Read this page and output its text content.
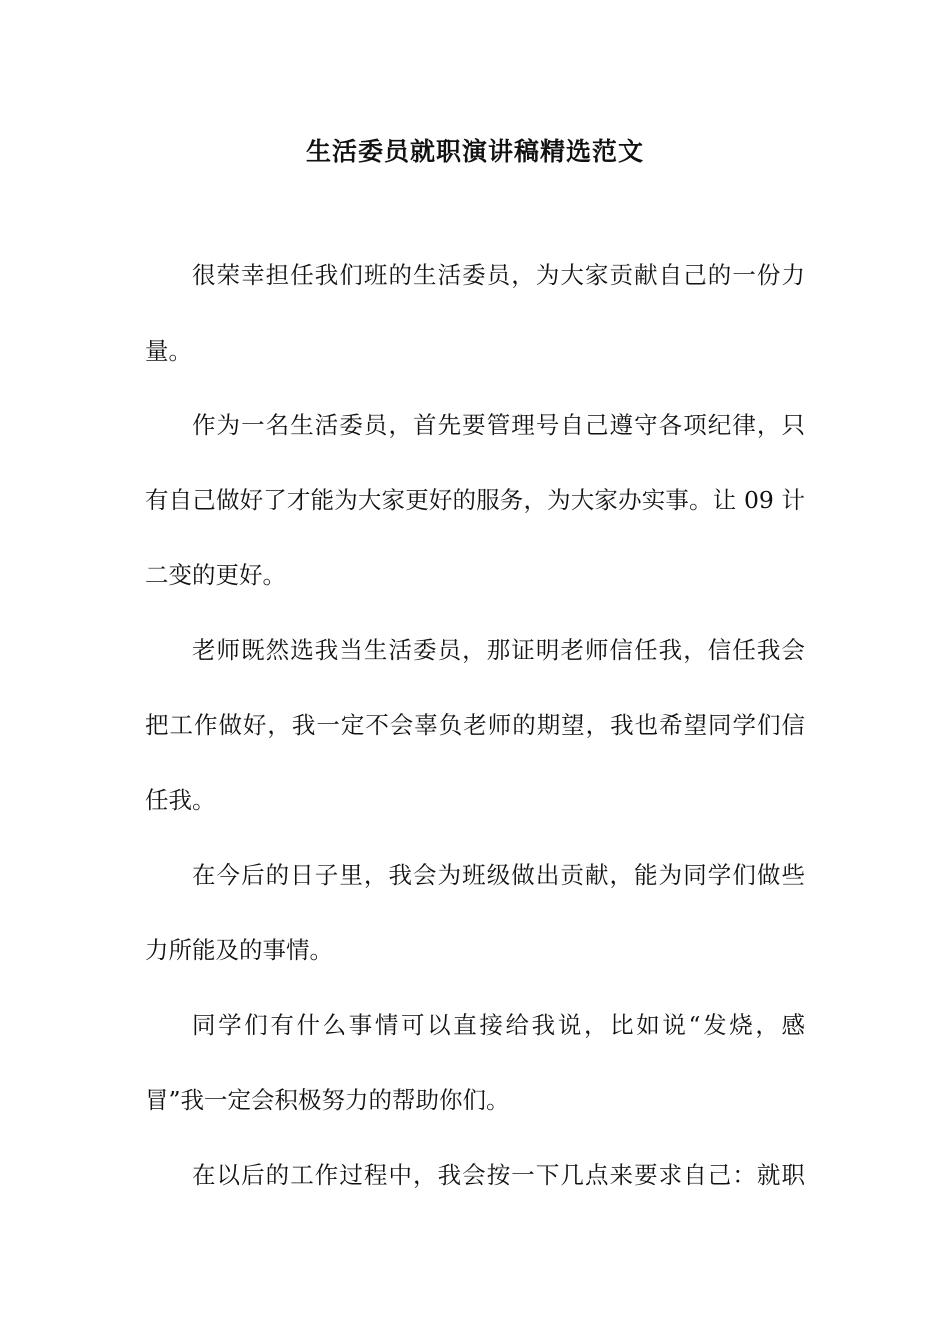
生活委员就职演讲稿精选范文
很荣幸担任我们班的生活委员，为大家贡献自己的一份力
量。
作为一名生活委员，首先要管理号自己遵守各项纪律，只
有自己做好了才能为大家更好的服务，为大家办实事。让 09 计
二变的更好。
老师既然选我当生活委员，那证明老师信任我，信任我会
把工作做好，我一定不会辜负老师的期望，我也希望同学们信
任我。
在今后的日子里，我会为班级做出贡献，能为同学们做些
力所能及的事情。
同学们有什么事情可以直接给我说，比如说“发烧，感
冒”我一定会积极努力的帮助你们。
在以后的工作过程中，我会按一下几点来要求自己：就职
